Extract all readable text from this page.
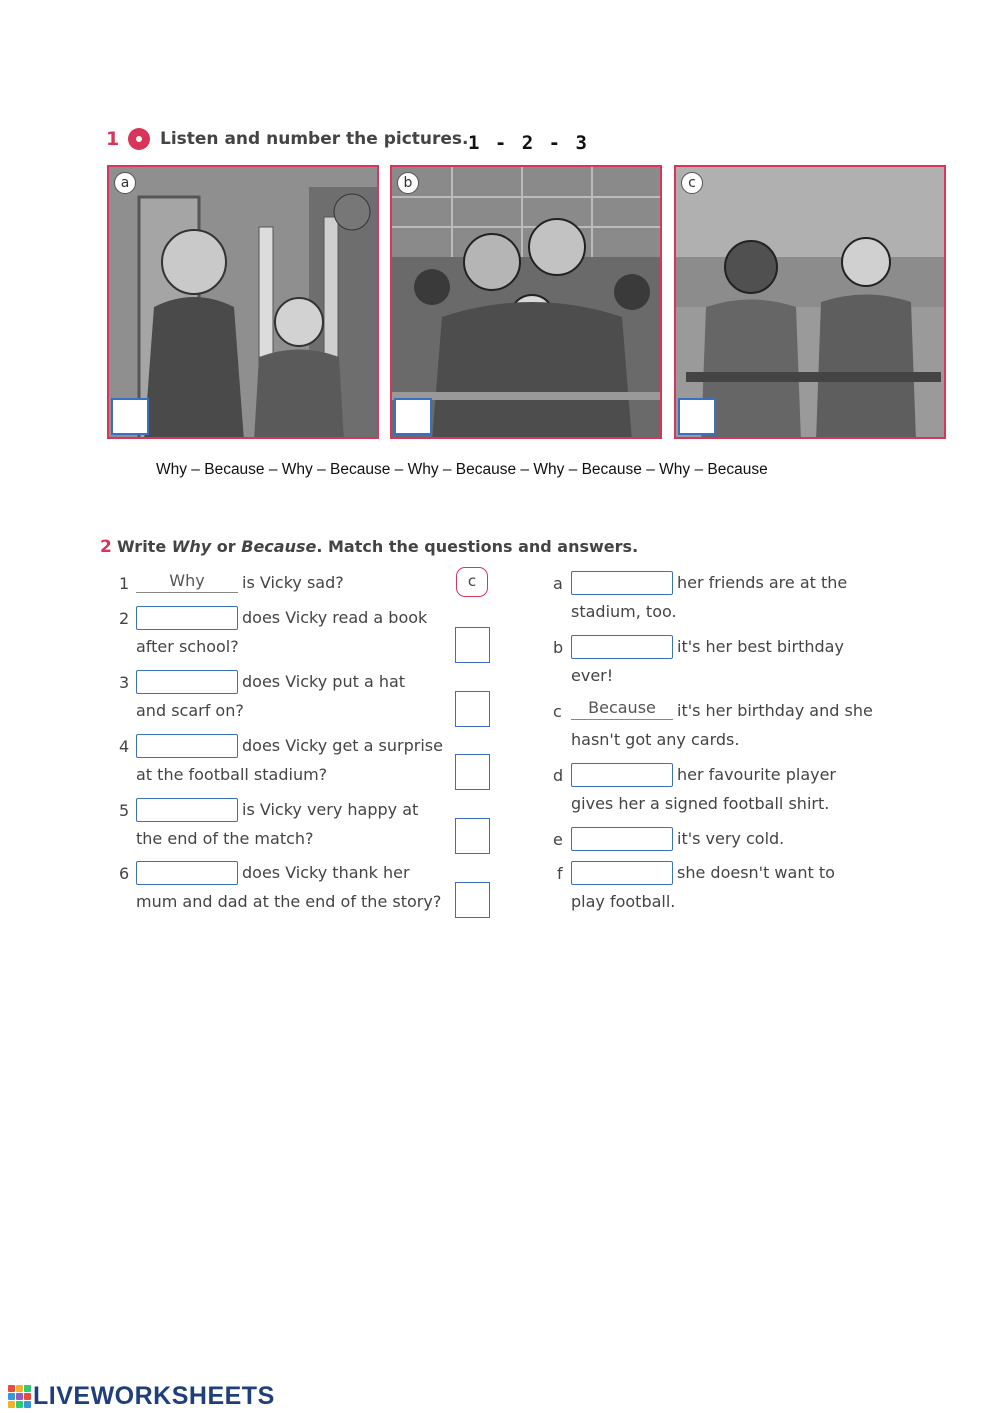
1 Listen and number the pictures. 1 - 2 - 3
a	b	c
Why – Because – Why – Because – Why – Because – Why – Because – Why – Because
2 Write Why or Because. Match the questions and answers.
1	Why	is Vicky sad?	c
2	does Vicky read a book
after school?
3	does Vicky put a hat
and scarf on?
4	does Vicky get a surprise
at the football stadium?
5	is Vicky very happy at
the end of the match?
6	does Vicky thank her
mum and dad at the end of the story?
a	her friends are at the
stadium, too.
b	it's her best birthday
ever!
c	Because	it's her birthday and she
hasn't got any cards.
d	her favourite player
gives her a signed football shirt.
e	it's very cold.
f	she doesn't want to
play football.
LIVEWORKSHEETS
